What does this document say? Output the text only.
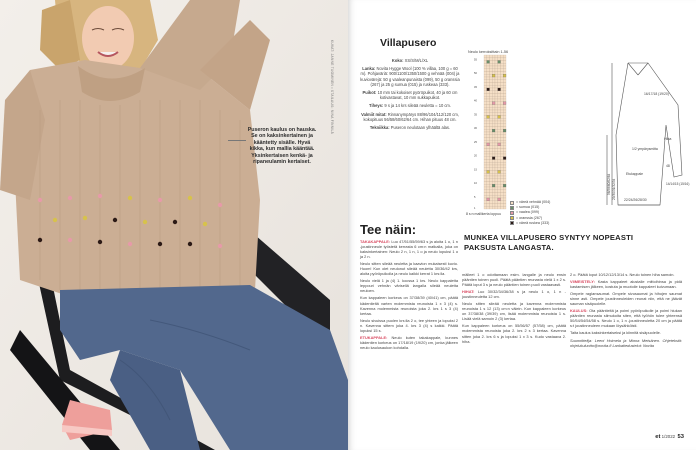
KUVAT: JANNE TUOMINEN • STAILAUS: NINA FINNILÄ
Puseron kaulus on hauska. Se on kaksinkertainen ja kääntetty sisälle. Hyvä kikka, kun mallia kääntää. Yksinkertaisen kenkä- ja ripaneulamin kertaiset.
Villapusero

Koko: XS/S/M/L/XL

Lanka: Novita Hygge Wool (100 % villaa, 100 g = 60 m). Pohjaväriä: 900/1100/1350/1500 g vehnää (004) ja kuviovärejä: 50 g vaaleanpunaista (099), 50 g oranssia (267) ja 25 g sumua (015) ja ruskeaa (333).

Puikot: 10 mm tai kokoiset pyöröpuikot, 40 ja 60 cm kotivastavat, 10 mm sukkapuikot.

Tiheys: 9 s ja 14 krs sileää neuletta = 10 cm.

Valmiit mitat: Rinnanympärys 88/96/104/112/120 cm, kokopituus 56/58/60/62/64 cm. Hihan pituus 48 cm.

Tekniikka: Puseron neulotaan ylhäältä alas.

Neulo kerroksittain 1-56
55
50
45
40
35
30
25
20
15
10
5
1
8 s:n mallikerta loppuu
= väreä vehnää (004)
= sumua (015)
= vaalea (099)
= oranssia (267)
= väreä ruskea (333)
16/17/18 (19/20)
1/2 ympärysmitta
22/24/26/28/30
Hiha
48
14/14/15 (15/16)
Etukappale
56/58/60/62/64 29/30/31/32/34
Tee näin:
MUNKEA VILLAPUSERO SYNTYY NOPEASTI PAKSUSTA LANGASTA.

TAKAKAPPALE: Luo 47/51/55/59/63 s ja aloita 1 o, 1 n -joustinneule työstetä kerrasta 6 cm:n matkalla, joka on kaksinkertainen: Neulo 2 n, 1 n, 1 o ja neulo lopuksi 1 o ja 2 n.

Neulo sitten sileää neuletta ja kaavion mukaisesti kuvio. Huom! Kun olet neulonut sileää neuletta 30/36/42 krs, aloita pyöröpuikolla ja neulo kaikki kerrat 1 krs:lla.

Neulo vielä 1 ja (4) 1. kocssa 1 krs. Neulo kappaletta leppouri vehnän värisellä langalla sileää neuletta neuloen.

Kun kappaleen korkeus on 37/38/39 (40/41) cm, päätä kädentieltä varten molemmista reunoista 1 x 3 (4) s. Kavenna molemmista reunoista joka 2. krs 1 s 3 (4) kertaa.

Neulo sivuissa puolen krs:lla 2 o, tee yhteen ja lopuksi 2 n. Kavenna sittem joka 4. krs 3 (4) s kaikki. Päätä lopuksi 15 s.

ETUKAPPALE: Neulo kuten takakappale, kunnes kädentien korkeus on 17/18/19 (19/20) cm, jonka jälkeen neulo kaulusaukon kohdalla.

mälleet 1 o odottamaan esim. langalle ja neulo ensin pääntien toinen puoli. Päätä pääntien reunasta vielä 1 x 2 s. Päätä loput 3 s ja neulo pääntien toinen puoli vastaavasti.

HIHAT: Luo 30/32/34/36/38 s ja neulo 1 o, 1 n -joustinneuletta 12 cm.

Neulo sitten sileää neuletta ja kavenna molemmista reunoista 1 s 12 (13) cm:n välein. Kun kappaleen korkeus on 37/38/38 (39/39) cm, lisää molemmista reunoista 1 s. Lisää vielä samoin 2 (3) kertaa.

Kun kappaleen korkeus on 55/56/57 (57/58) cm, päätä molemmista reunoista joka 2. krs 2 s 3 kertaa. Kavenna sitten joka 2. krs 6 s ja lopuksi 1 x 3 s. Kudo vastaava 2. hiha.

2 o. Päätä loput 10/12/12/13/14 s. Neulo toinen hiha samoin.

VIIMEISTELY: Kasta kappaleet alustalle mittoihinsa ja pidä kastamisen jälkeen, kostuta ja muotoile kappaleet kuivumaan.

Ompele raglansaumat. Ompele sivusaumat ja hihojen saumat sinne asti. Ompele joustinneuleiden reunat niin, että ne jäävät sauman sisäpuolelle.

KAULUS: Ota pääntieltä ja poimi pyöröpuikolle ja poimi hiukan pääntien reunasta silmukoita siten, että työhön tulee yhteensä 50/54/54/54/58 s. Neulo 1 o, 1 n -joustinneuletta 20 cm ja päätä s:t joustinneuleen mukaan löysähköisti.

Taita kaulus kaksinkertaiseksi ja kiinnitä sisäpuolelle.

Suunnittelija: Leeni Hoimela ja Minna Metsänen. Ohjetekstit: ohjelukuluotto@novita.fi Lankatiedustelut: Novita

et 1/2022 53
